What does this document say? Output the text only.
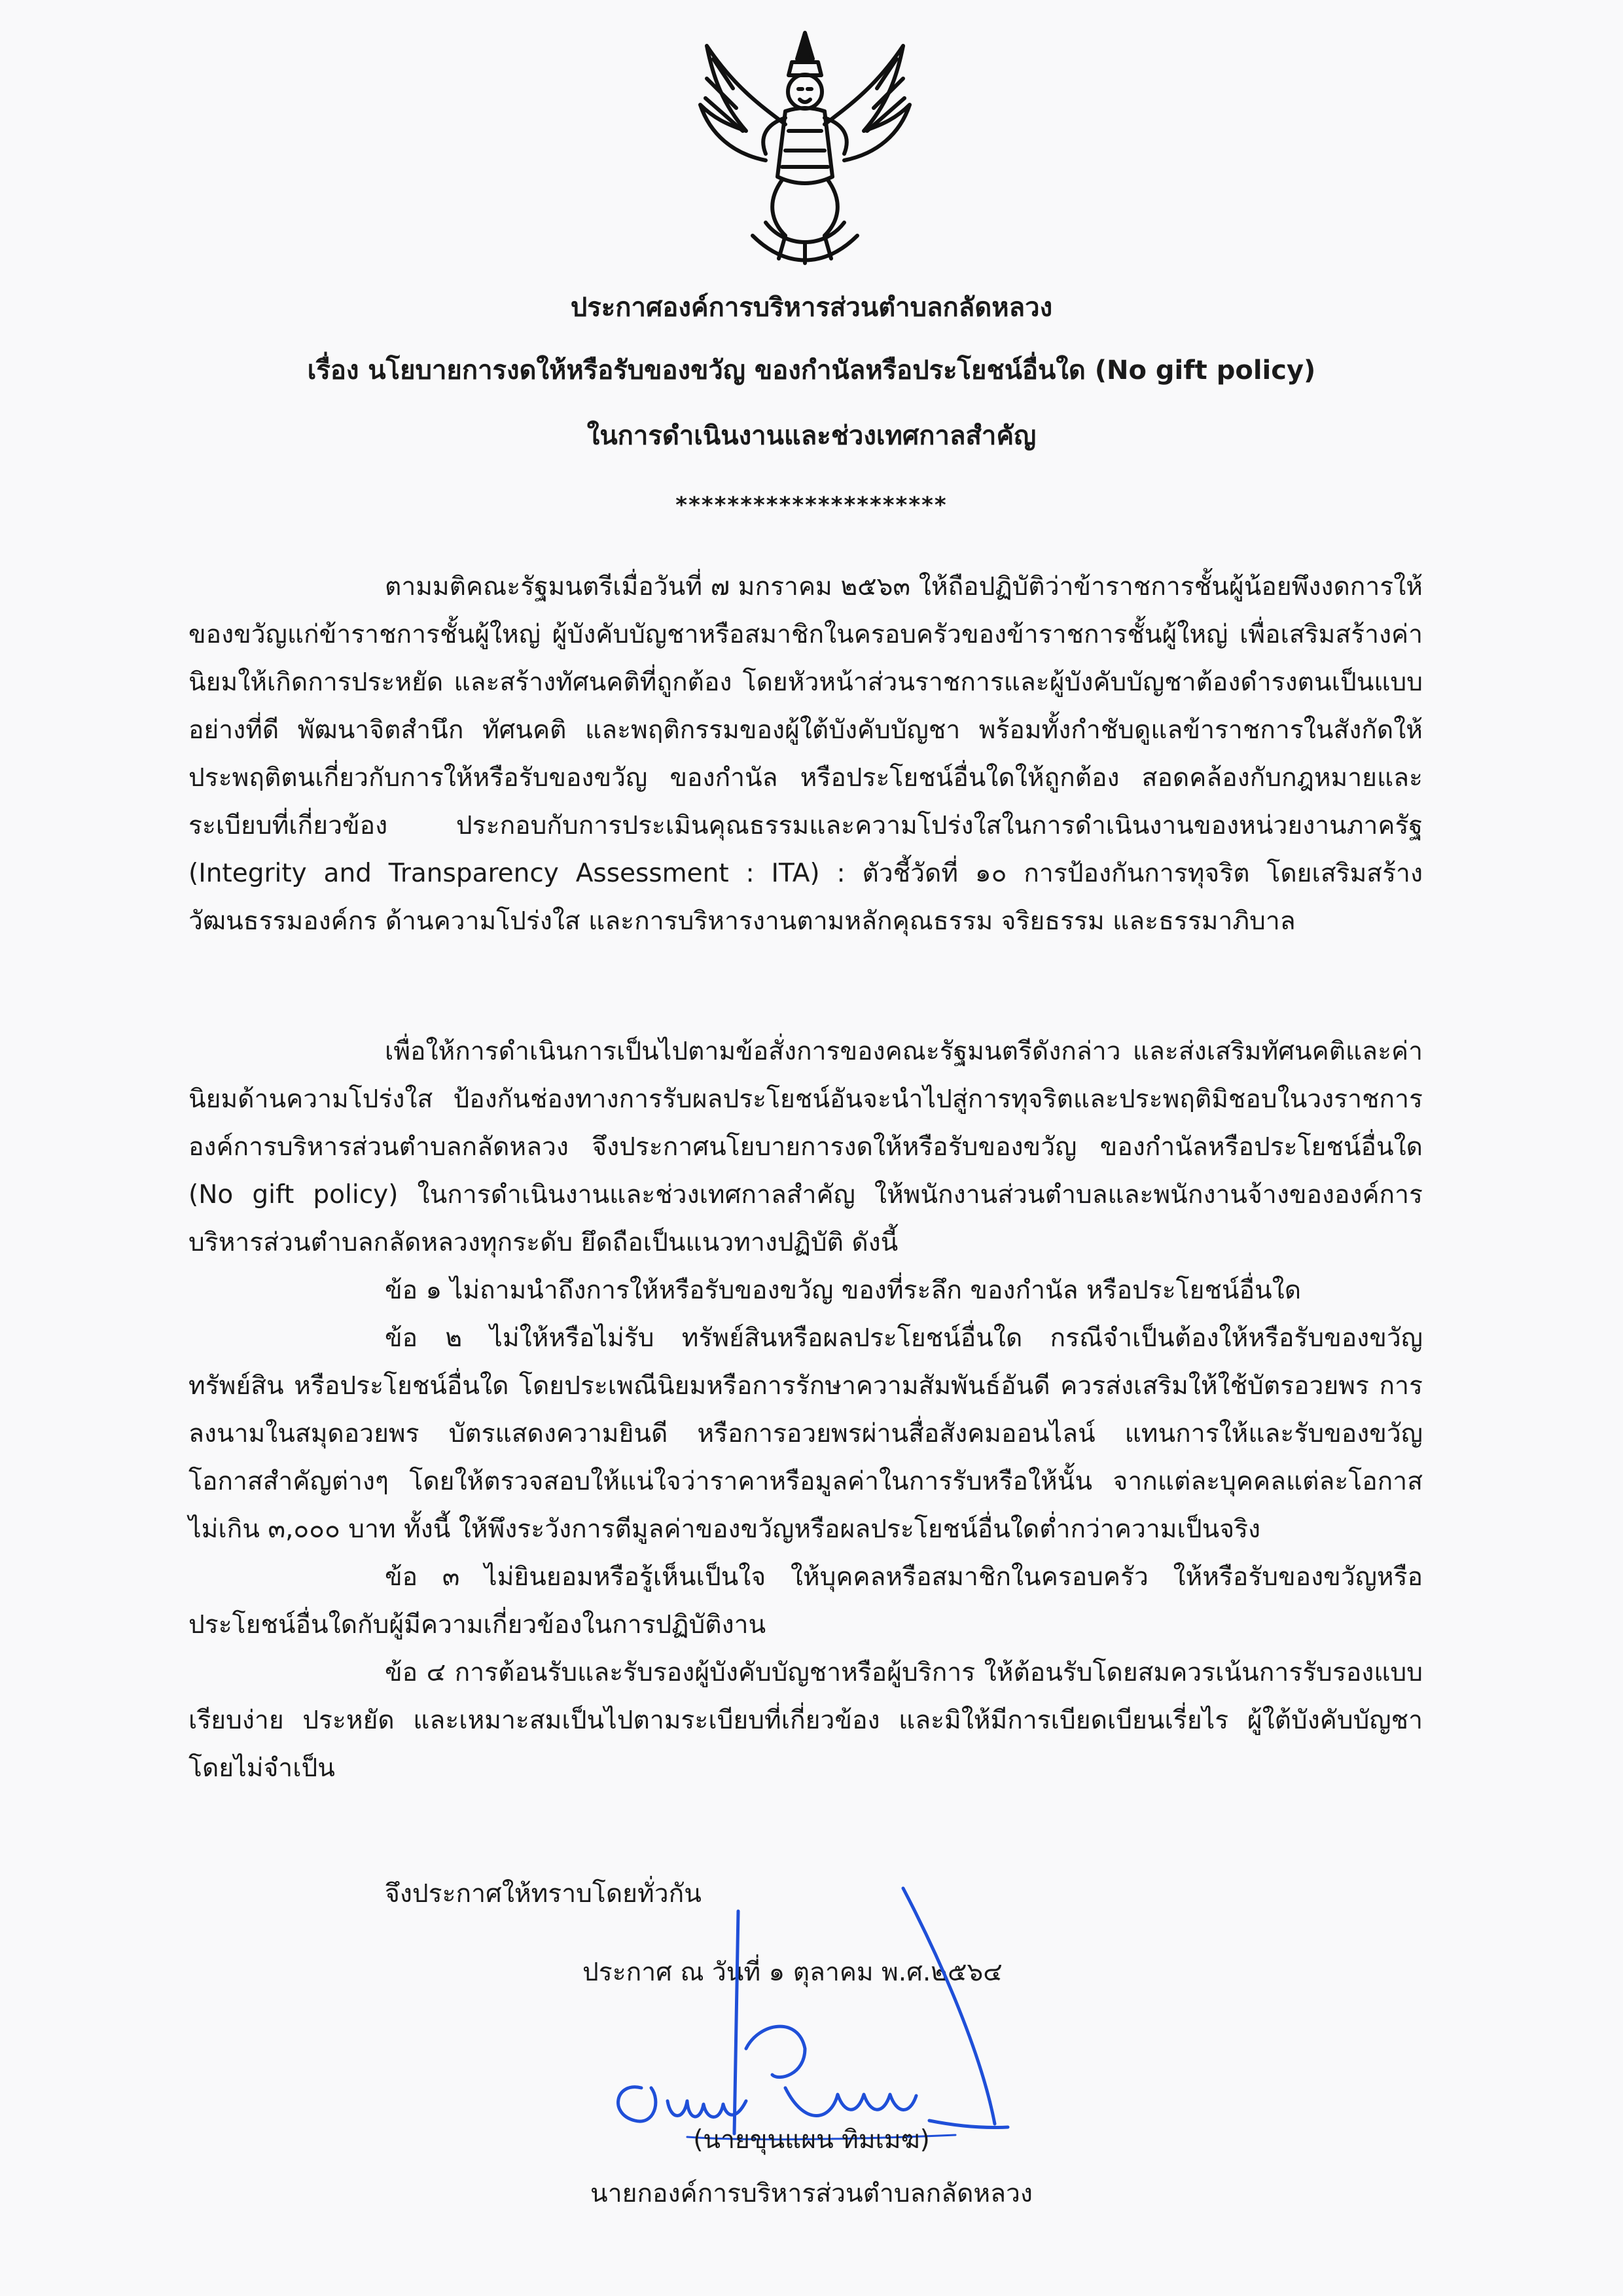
ประกาศองค์การบริหารส่วนตำบลกลัดหลวง
เรื่อง นโยบายการงดให้หรือรับของขวัญ ของกำนัลหรือประโยชน์อื่นใด (No gift policy)
ในการดำเนินงานและช่วงเทศกาลสำคัญ
*********************

ตามมติคณะรัฐมนตรีเมื่อวันที่ ๗ มกราคม ๒๕๖๓ ให้ถือปฏิบัติว่าข้าราชการชั้นผู้น้อยพึงงดการให้ของขวัญแก่ข้าราชการชั้นผู้ใหญ่ ผู้บังคับบัญชาหรือสมาชิกในครอบครัวของข้าราชการชั้นผู้ใหญ่ เพื่อเสริมสร้างค่านิยมให้เกิดการประหยัด และสร้างทัศนคติที่ถูกต้อง โดยหัวหน้าส่วนราชการและผู้บังคับบัญชาต้องดำรงตนเป็นแบบอย่างที่ดี พัฒนาจิตสำนึก ทัศนคติ และพฤติกรรมของผู้ใต้บังคับบัญชา พร้อมทั้งกำชับดูแลข้าราชการในสังกัดให้ประพฤติตนเกี่ยวกับการให้หรือรับของขวัญ ของกำนัล หรือประโยชน์อื่นใดให้ถูกต้อง สอดคล้องกับกฎหมายและระเบียบที่เกี่ยวข้อง ประกอบกับการประเมินคุณธรรมและความโปร่งใสในการดำเนินงานของหน่วยงานภาครัฐ (Integrity and Transparency Assessment : ITA) : ตัวชี้วัดที่ ๑๐ การป้องกันการทุจริต โดยเสริมสร้างวัฒนธรรมองค์กร ด้านความโปร่งใส และการบริหารงานตามหลักคุณธรรม จริยธรรม และธรรมาภิบาล

เพื่อให้การดำเนินการเป็นไปตามข้อสั่งการของคณะรัฐมนตรีดังกล่าว และส่งเสริมทัศนคติและค่านิยมด้านความโปร่งใส ป้องกันช่องทางการรับผลประโยชน์อันจะนำไปสู่การทุจริตและประพฤติมิชอบในวงราชการ องค์การบริหารส่วนตำบลกลัดหลวง จึงประกาศนโยบายการงดให้หรือรับของขวัญ ของกำนัลหรือประโยชน์อื่นใด (No gift policy) ในการดำเนินงานและช่วงเทศกาลสำคัญ ให้พนักงานส่วนตำบลและพนักงานจ้างขององค์การบริหารส่วนตำบลกลัดหลวงทุกระดับ ยึดถือเป็นแนวทางปฏิบัติ ดังนี้

ข้อ ๑ ไม่ถามนำถึงการให้หรือรับของขวัญ ของที่ระลึก ของกำนัล หรือประโยชน์อื่นใด

ข้อ ๒ ไม่ให้หรือไม่รับ ทรัพย์สินหรือผลประโยชน์อื่นใด กรณีจำเป็นต้องให้หรือรับของขวัญทรัพย์สิน หรือประโยชน์อื่นใด โดยประเพณีนิยมหรือการรักษาความสัมพันธ์อันดี ควรส่งเสริมให้ใช้บัตรอวยพร การลงนามในสมุดอวยพร บัตรแสดงความยินดี หรือการอวยพรผ่านสื่อสังคมออนไลน์ แทนการให้และรับของขวัญโอกาสสำคัญต่างๆ โดยให้ตรวจสอบให้แน่ใจว่าราคาหรือมูลค่าในการรับหรือให้นั้น จากแต่ละบุคคลแต่ละโอกาส ไม่เกิน ๓,๐๐๐ บาท ทั้งนี้ ให้พึงระวังการตีมูลค่าของขวัญหรือผลประโยชน์อื่นใดต่ำกว่าความเป็นจริง

ข้อ ๓ ไม่ยินยอมหรือรู้เห็นเป็นใจ ให้บุคคลหรือสมาชิกในครอบครัว ให้หรือรับของขวัญหรือประโยชน์อื่นใดกับผู้มีความเกี่ยวข้องในการปฏิบัติงาน

ข้อ ๔ การต้อนรับและรับรองผู้บังคับบัญชาหรือผู้บริการ ให้ต้อนรับโดยสมควรเน้นการรับรองแบบเรียบง่าย ประหยัด และเหมาะสมเป็นไปตามระเบียบที่เกี่ยวข้อง และมิให้มีการเบียดเบียนเรี่ยไร ผู้ใต้บังคับบัญชาโดยไม่จำเป็น

จึงประกาศให้ทราบโดยทั่วกัน
ประกาศ ณ วันที่ ๑ ตุลาคม พ.ศ.๒๕๖๔
(นายขุนแผน ทิมเมฆ)
นายกองค์การบริหารส่วนตำบลกลัดหลวง
